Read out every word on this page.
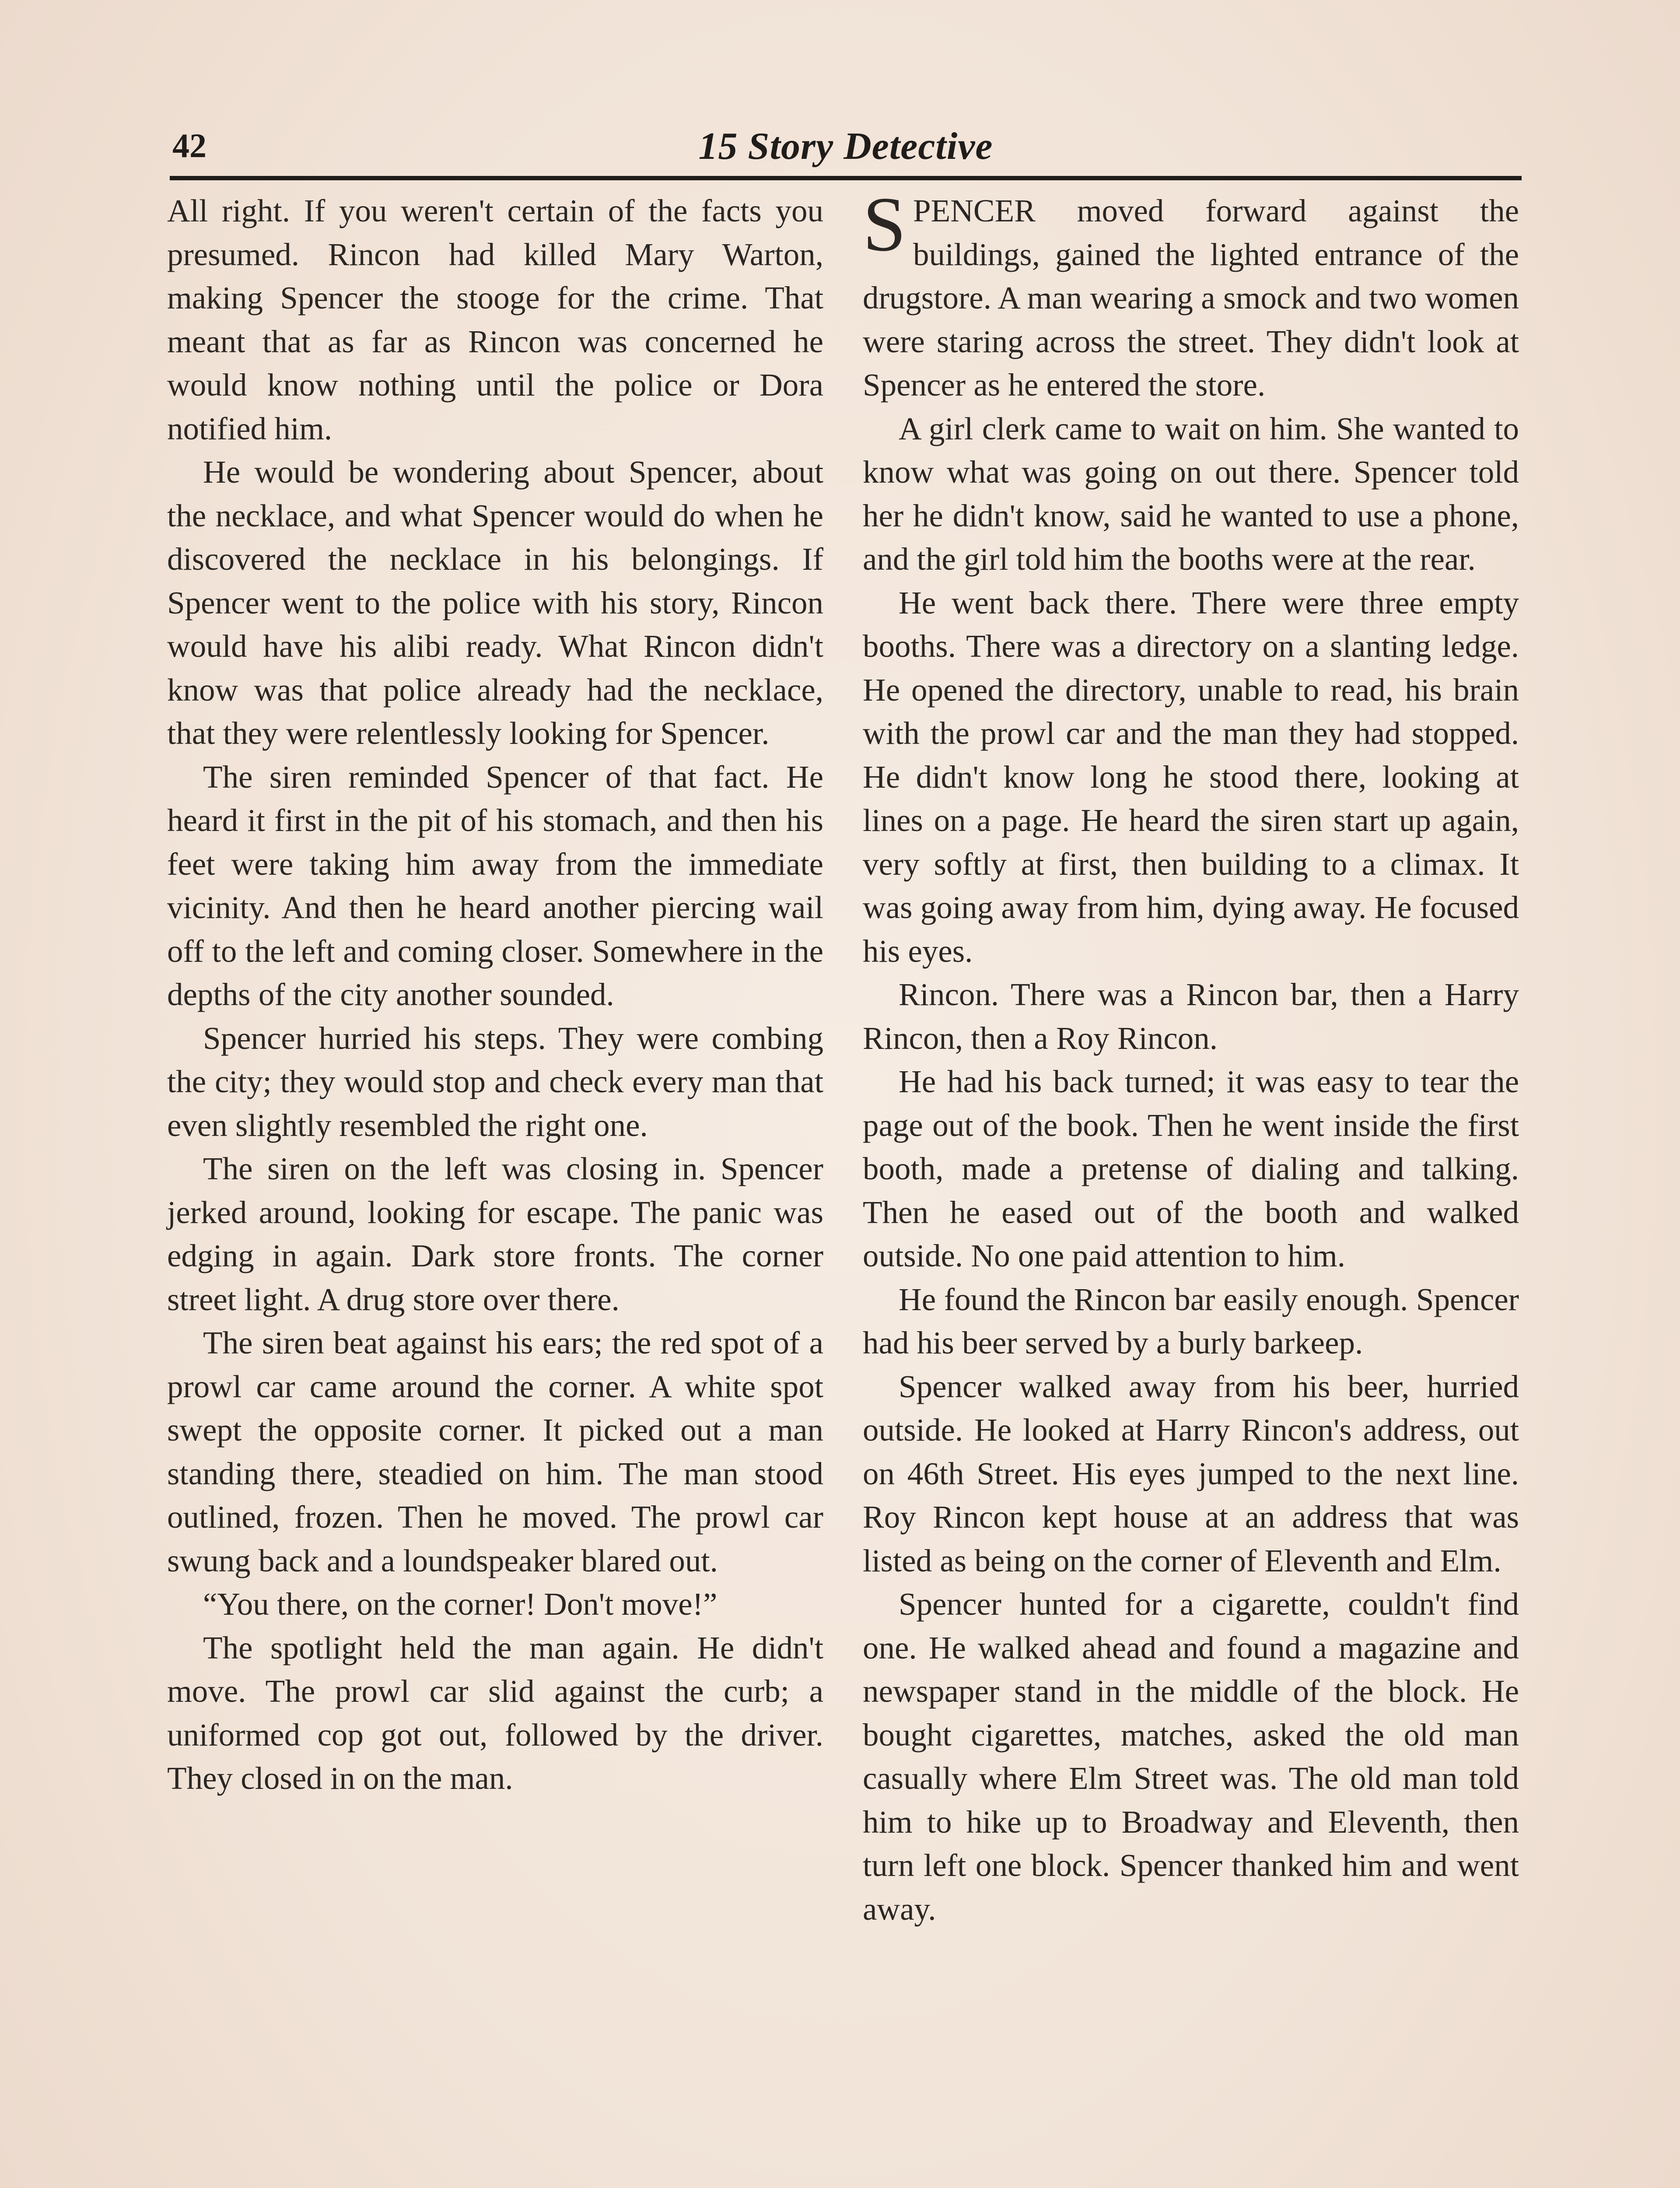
42	15 Story Detective

All right. If you weren't certain of the facts you presumed. Rincon had killed Mary Warton, making Spencer the stooge for the crime. That meant that as far as Rincon was concerned he would know nothing until the police or Dora notified him.

He would be wondering about Spencer, about the necklace, and what Spencer would do when he discovered the necklace in his belongings. If Spencer went to the police with his story, Rincon would have his alibi ready. What Rincon didn't know was that police already had the necklace, that they were relentlessly looking for Spencer.

The siren reminded Spencer of that fact. He heard it first in the pit of his stomach, and then his feet were taking him away from the immediate vicinity. And then he heard another piercing wail off to the left and coming closer. Somewhere in the depths of the city another sounded.

Spencer hurried his steps. They were combing the city; they would stop and check every man that even slightly resembled the right one.

The siren on the left was closing in. Spencer jerked around, looking for escape. The panic was edging in again. Dark store fronts. The corner street light. A drug store over there.

The siren beat against his ears; the red spot of a prowl car came around the corner. A white spot swept the opposite corner. It picked out a man standing there, steadied on him. The man stood outlined, frozen. Then he moved. The prowl car swung back and a loundspeaker blared out.

“You there, on the corner! Don't move!”

The spotlight held the man again. He didn't move. The prowl car slid against the curb; a uniformed cop got out, followed by the driver. They closed in on the man.

SPENCER moved forward against the buildings, gained the lighted entrance of the drugstore. A man wearing a smock and two women were staring across the street. They didn't look at Spencer as he entered the store.

A girl clerk came to wait on him. She wanted to know what was going on out there. Spencer told her he didn't know, said he wanted to use a phone, and the girl told him the booths were at the rear.

He went back there. There were three empty booths. There was a directory on a slanting ledge. He opened the directory, unable to read, his brain with the prowl car and the man they had stopped. He didn't know long he stood there, looking at lines on a page. He heard the siren start up again, very softly at first, then building to a climax. It was going away from him, dying away. He focused his eyes.

Rincon. There was a Rincon bar, then a Harry Rincon, then a Roy Rincon.

He had his back turned; it was easy to tear the page out of the book. Then he went inside the first booth, made a pretense of dialing and talking. Then he eased out of the booth and walked outside. No one paid attention to him.

He found the Rincon bar easily enough. Spencer had his beer served by a burly barkeep.

Spencer walked away from his beer, hurried outside. He looked at Harry Rincon's address, out on 46th Street. His eyes jumped to the next line. Roy Rincon kept house at an address that was listed as being on the corner of Eleventh and Elm.

Spencer hunted for a cigarette, couldn't find one. He walked ahead and found a magazine and newspaper stand in the middle of the block. He bought cigarettes, matches, asked the old man casually where Elm Street was. The old man told him to hike up to Broadway and Eleventh, then turn left one block. Spencer thanked him and went away.
